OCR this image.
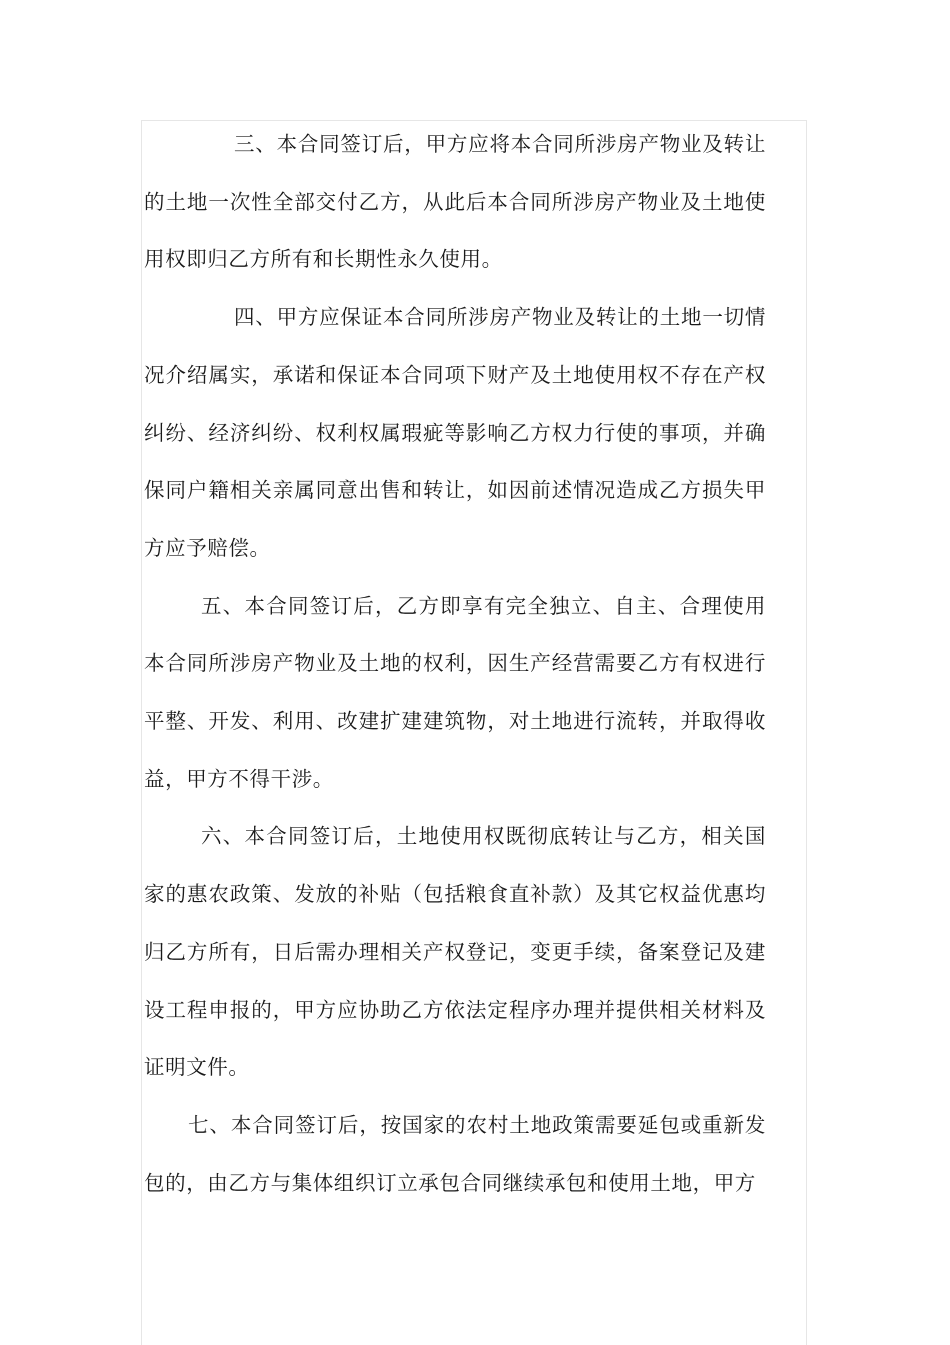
三、本合同签订后，甲方应将本合同所涉房产物业及转让的土地一次性全部交付乙方，从此后本合同所涉房产物业及土地使用权即归乙方所有和长期性永久使用。

四、甲方应保证本合同所涉房产物业及转让的土地一切情况介绍属实，承诺和保证本合同项下财产及土地使用权不存在产权纠纷、经济纠纷、权利权属瑕疵等影响乙方权力行使的事项，并确保同户籍相关亲属同意出售和转让，如因前述情况造成乙方损失甲方应予赔偿。

五、本合同签订后，乙方即享有完全独立、自主、合理使用本合同所涉房产物业及土地的权利，因生产经营需要乙方有权进行平整、开发、利用、改建扩建建筑物，对土地进行流转，并取得收益，甲方不得干涉。

六、本合同签订后，土地使用权既彻底转让与乙方，相关国家的惠农政策、发放的补贴（包括粮食直补款）及其它权益优惠均归乙方所有，日后需办理相关产权登记，变更手续，备案登记及建设工程申报的，甲方应协助乙方依法定程序办理并提供相关材料及证明文件。

七、本合同签订后，按国家的农村土地政策需要延包或重新发包的，由乙方与集体组织订立承包合同继续承包和使用土地，甲方
